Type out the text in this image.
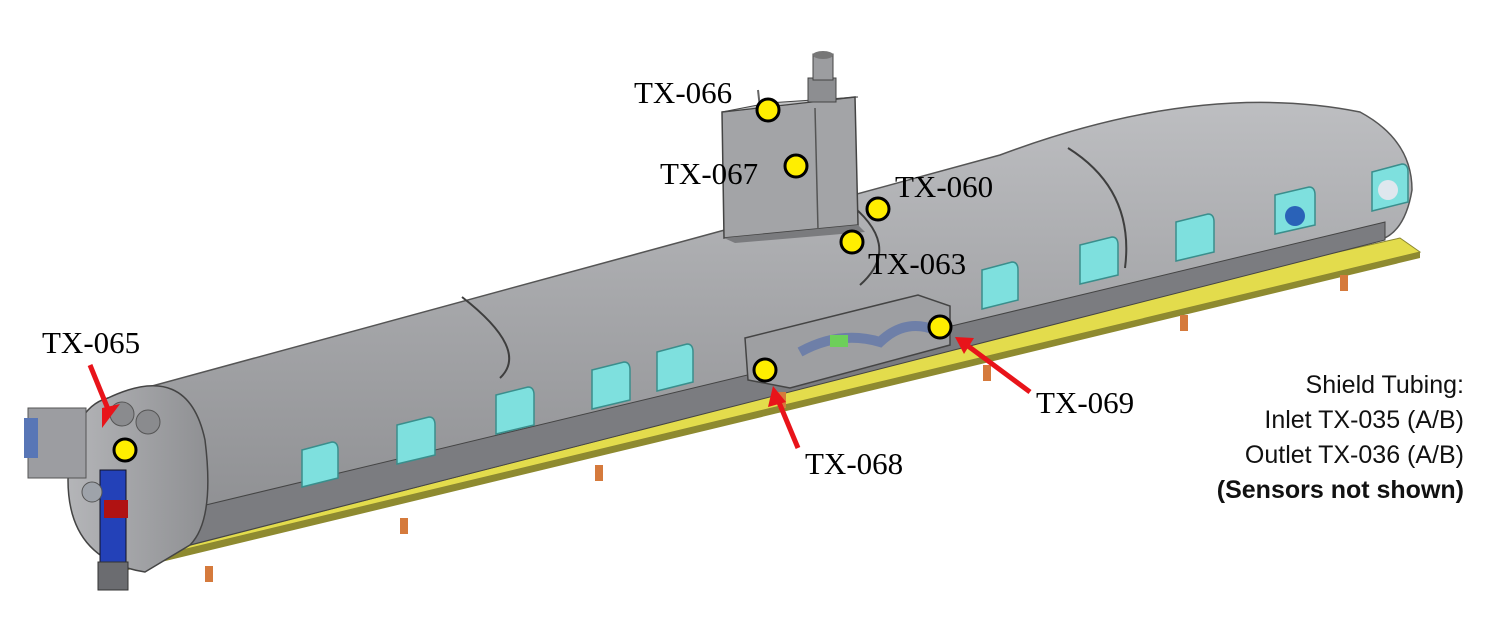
TX-066
TX-067	TX-060
TX-063
TX-065
TX-068
TX-069	Shield Tubing:
Inlet TX-035 (A/B)
Outlet TX-036 (A/B)
(Sensors not shown)
